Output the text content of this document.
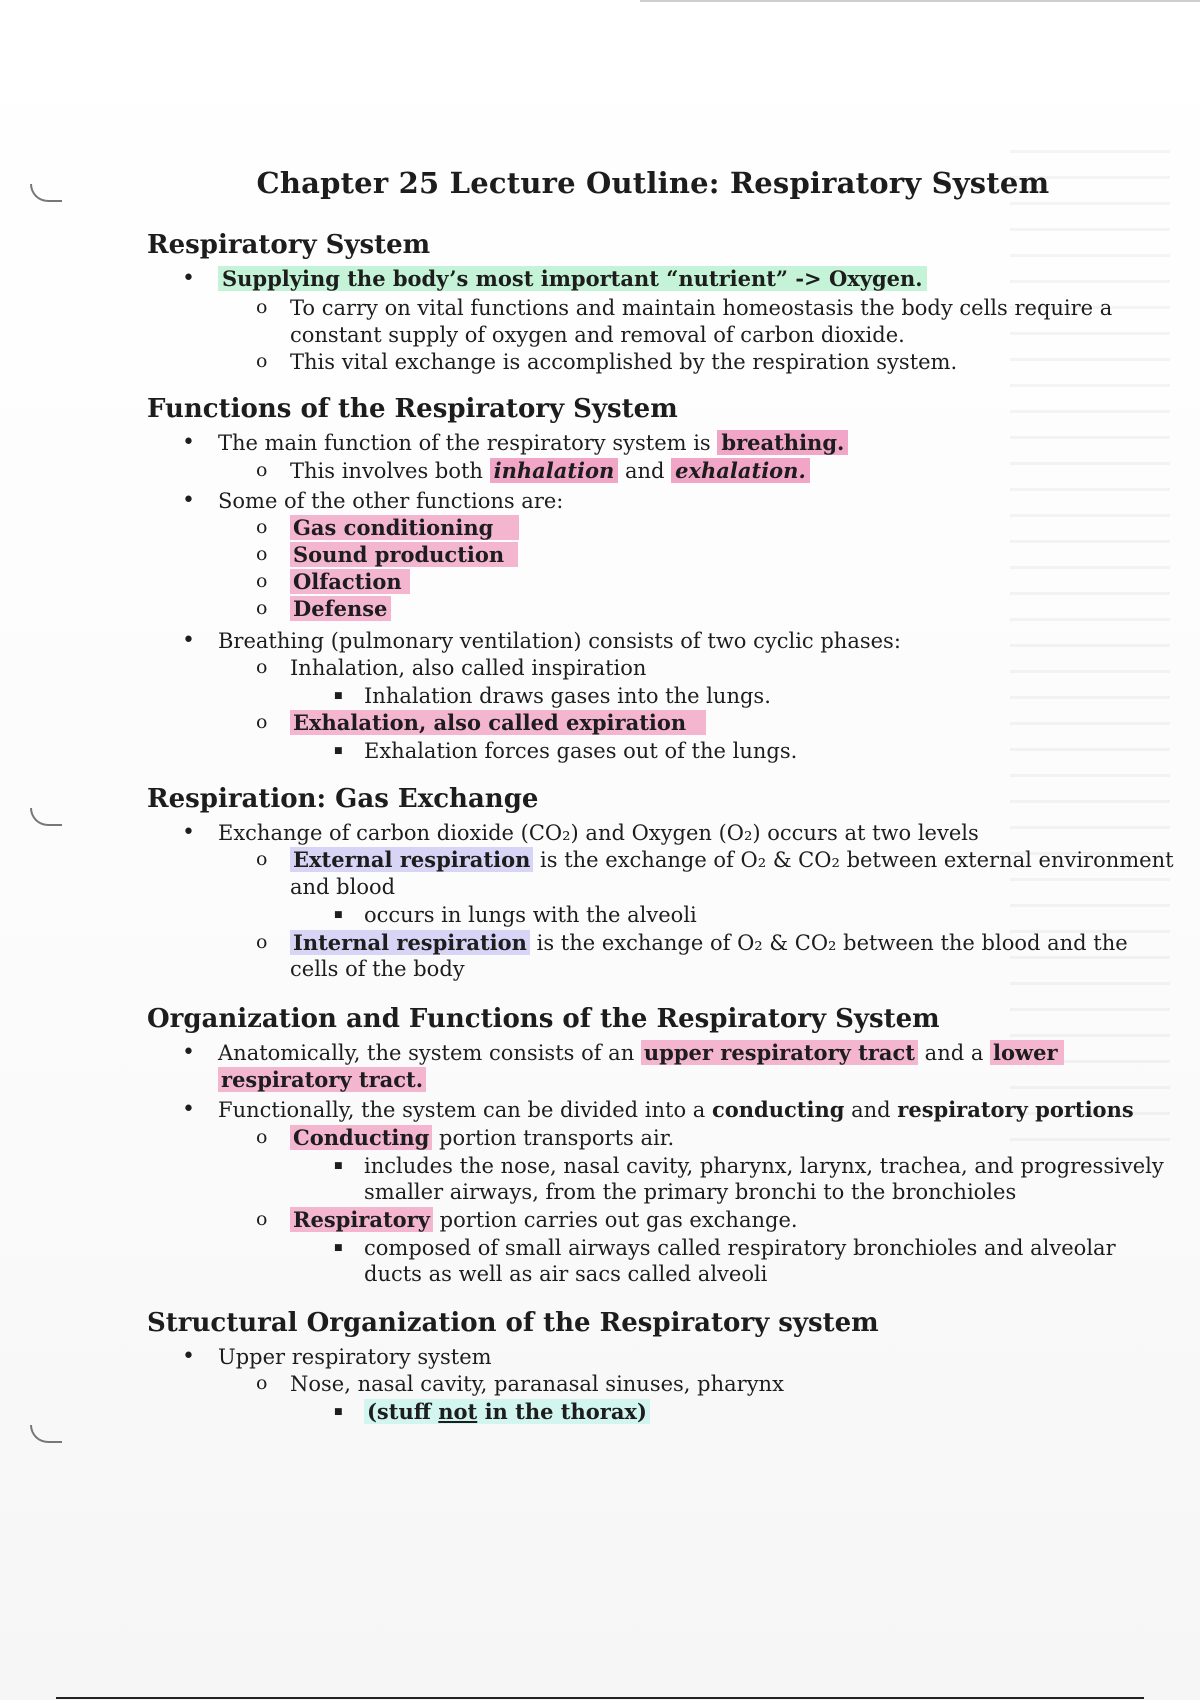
Chapter 25 Lecture Outline: Respiratory System
Respiratory System
• Supplying the body’s most important “nutrient” -> Oxygen.
o To carry on vital functions and maintain homeostasis the body cells require a
constant supply of oxygen and removal of carbon dioxide.
o This vital exchange is accomplished by the respiration system.
Functions of the Respiratory System
• The main function of the respiratory system is breathing.
o This involves both inhalation and exhalation.
• Some of the other functions are:
o Gas conditioning
o Sound production
o Olfaction
o Defense
• Breathing (pulmonary ventilation) consists of two cyclic phases:
o Inhalation, also called inspiration
■ Inhalation draws gases into the lungs.
o Exhalation, also called expiration
■ Exhalation forces gases out of the lungs.
Respiration: Gas Exchange
• Exchange of carbon dioxide (CO₂) and Oxygen (O₂) occurs at two levels
o External respiration is the exchange of O₂ & CO₂ between external environment
and blood
■ occurs in lungs with the alveoli
o Internal respiration is the exchange of O₂ & CO₂ between the blood and the
cells of the body
Organization and Functions of the Respiratory System
• Anatomically, the system consists of an upper respiratory tract and a lower
respiratory tract.
• Functionally, the system can be divided into a conducting and respiratory portions
o Conducting portion transports air.
■ includes the nose, nasal cavity, pharynx, larynx, trachea, and progressively
smaller airways, from the primary bronchi to the bronchioles
o Respiratory portion carries out gas exchange.
■ composed of small airways called respiratory bronchioles and alveolar
ducts as well as air sacs called alveoli
Structural Organization of the Respiratory system
• Upper respiratory system
o Nose, nasal cavity, paranasal sinuses, pharynx
■ (stuff not in the thorax)
